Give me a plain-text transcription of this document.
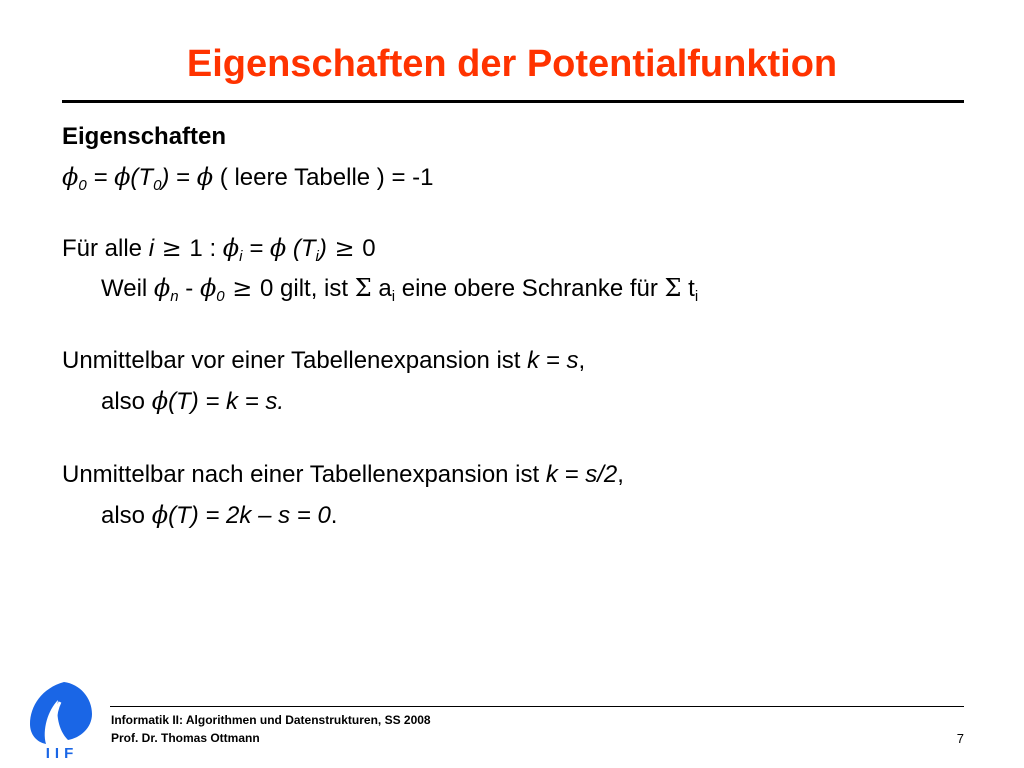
Eigenschaften der Potentialfunktion
Eigenschaften
$\phi_0 = \phi(T_0) = \phi$ ( leere Tabelle ) = -1
Für alle i ≥ 1 : $\phi_i = \phi$ $(T_i) \ge 0$
Weil $\phi_n - \phi_0 \ge 0$ gilt, ist Σ $a_i$ eine obere Schranke für Σ $t_i$
Unmittelbar vor einer Tabellenexpansion ist k = s,
also ϕ(T) = k = s.
Unmittelbar nach einer Tabellenexpansion ist k = s/2,
also ϕ(T) = 2k – s = 0.
IIF
Informatik II: Algorithmen und Datenstrukturen, SS 2008
Prof. Dr. Thomas Ottmann	7
